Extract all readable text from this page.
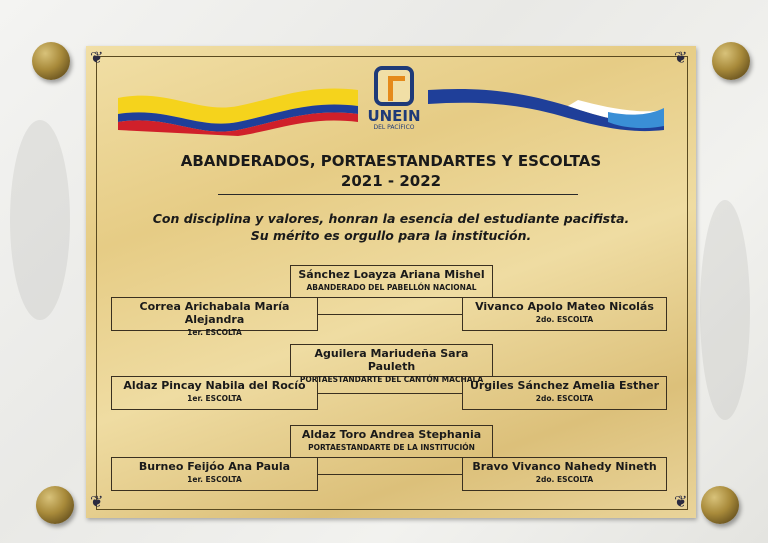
❦	❦
❦	❦
UNEIN
DEL PACÍFICO
ABANDERADOS, PORTAESTANDARTES Y ESCOLTAS
2021 - 2022
Con disciplina y valores, honran la esencia del estudiante pacifista.
Su mérito es orgullo para la institución.
Sánchez Loayza Ariana Mishel
ABANDERADO DEL PABELLÓN NACIONAL
Correa Arichabala María Alejandra
1er. ESCOLTA
Vivanco Apolo Mateo Nicolás
2do. ESCOLTA
Aguilera Mariudeña Sara Pauleth
PORTAESTANDARTE DEL CANTÓN MACHALA
Aldaz Pincay Nabila del Rocío
1er. ESCOLTA
Urgiles Sánchez Amelia Esther
2do. ESCOLTA
Aldaz Toro Andrea Stephania
PORTAESTANDARTE DE LA INSTITUCIÓN
Burneo Feijóo Ana Paula
1er. ESCOLTA
Bravo Vivanco Nahedy Nineth
2do. ESCOLTA
